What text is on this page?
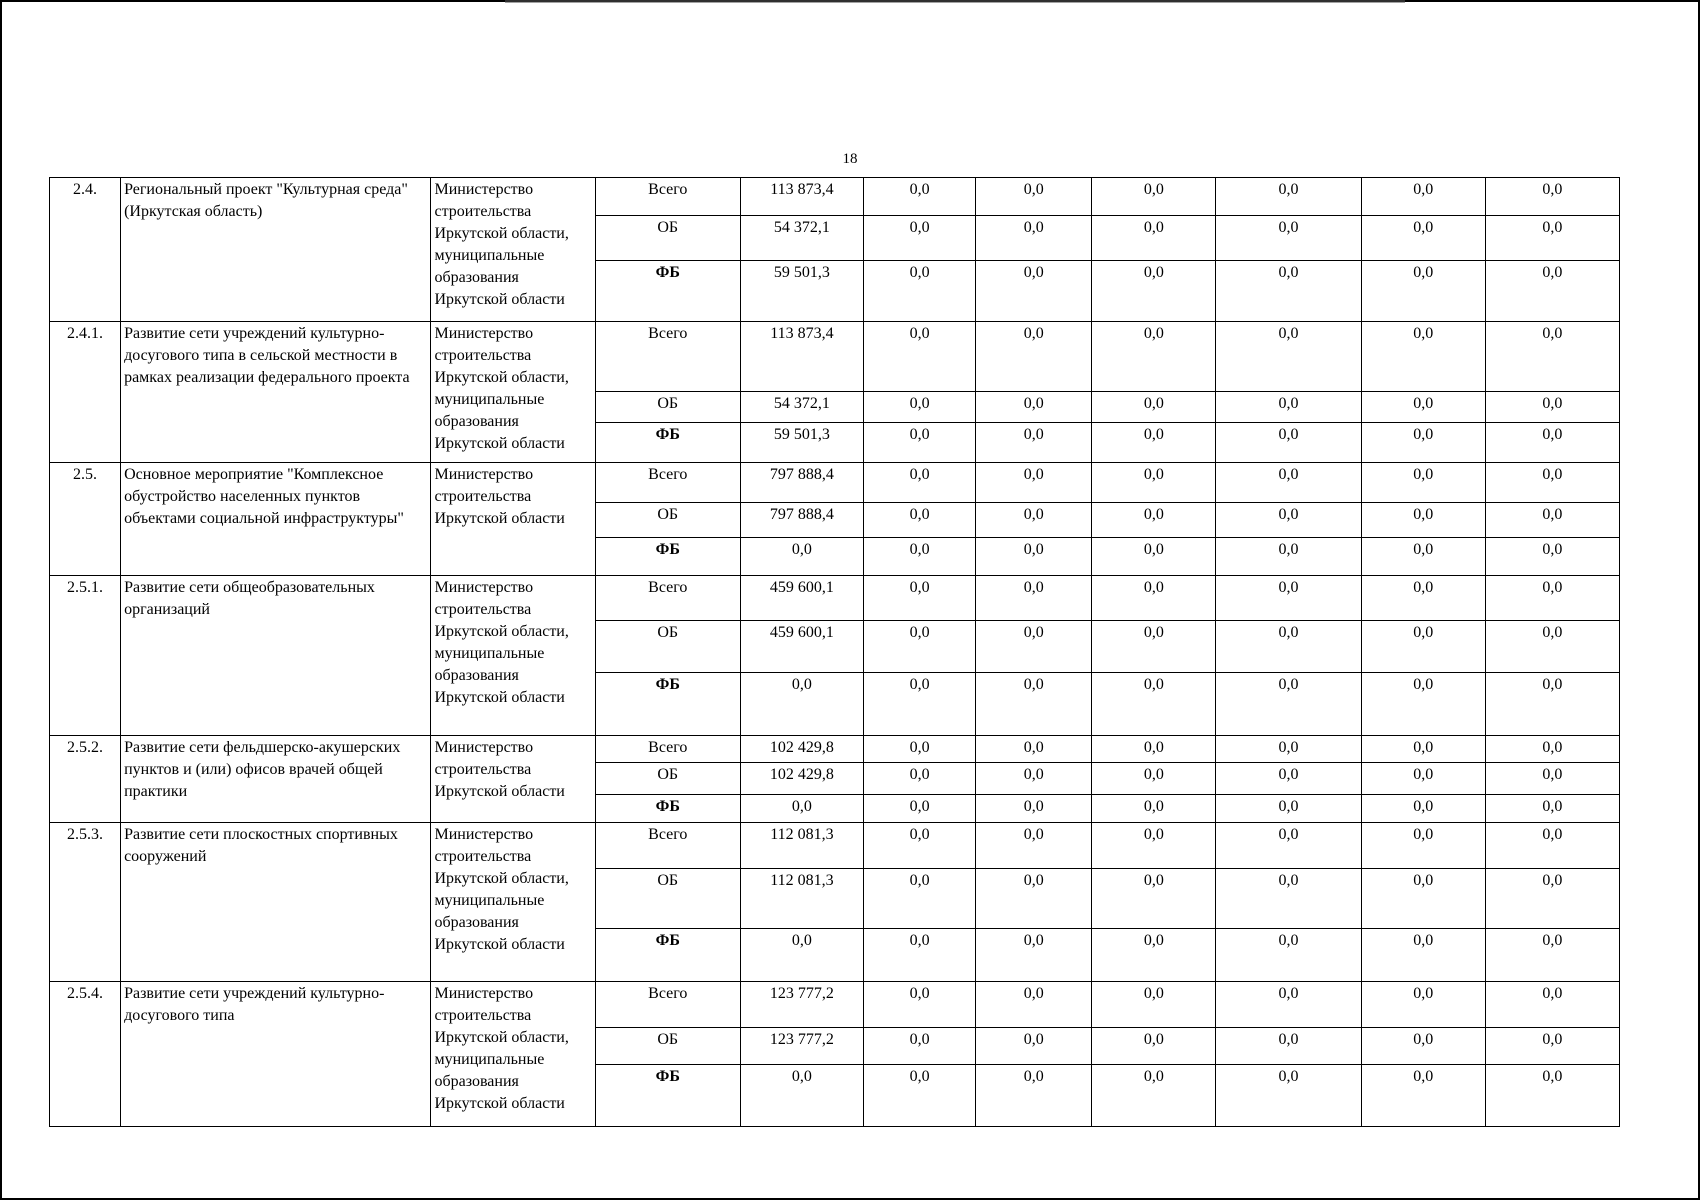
18
2.4.	Региональный проект "Культурная среда" (Иркутская область)	Министерство строительства Иркутской области, муниципальные образования Иркутской области	Всего	113 873,4	0,0	0,0	0,0	0,0	0,0	0,0
			ОБ	54 372,1	0,0	0,0	0,0	0,0	0,0	0,0
			ФБ	59 501,3	0,0	0,0	0,0	0,0	0,0	0,0
2.4.1.	Развитие сети учреждений культурно-досугового типа в сельской местности в рамках реализации федерального проекта	Министерство строительства Иркутской области, муниципальные образования Иркутской области	Всего	113 873,4	0,0	0,0	0,0	0,0	0,0	0,0
			ОБ	54 372,1	0,0	0,0	0,0	0,0	0,0	0,0
			ФБ	59 501,3	0,0	0,0	0,0	0,0	0,0	0,0
2.5.	Основное мероприятие "Комплексное обустройство населенных пунктов объектами социальной инфраструктуры"	Министерство строительства Иркутской области	Всего	797 888,4	0,0	0,0	0,0	0,0	0,0	0,0
			ОБ	797 888,4	0,0	0,0	0,0	0,0	0,0	0,0
			ФБ	0,0	0,0	0,0	0,0	0,0	0,0	0,0
2.5.1.	Развитие сети общеобразовательных организаций	Министерство строительства Иркутской области, муниципальные образования Иркутской области	Всего	459 600,1	0,0	0,0	0,0	0,0	0,0	0,0
			ОБ	459 600,1	0,0	0,0	0,0	0,0	0,0	0,0
			ФБ	0,0	0,0	0,0	0,0	0,0	0,0	0,0
2.5.2.	Развитие сети фельдшерско-акушерских пунктов и (или) офисов врачей общей практики	Министерство строительства Иркутской области	Всего	102 429,8	0,0	0,0	0,0	0,0	0,0	0,0
			ОБ	102 429,8	0,0	0,0	0,0	0,0	0,0	0,0
			ФБ	0,0	0,0	0,0	0,0	0,0	0,0	0,0
2.5.3.	Развитие сети плоскостных спортивных сооружений	Министерство строительства Иркутской области, муниципальные образования Иркутской области	Всего	112 081,3	0,0	0,0	0,0	0,0	0,0	0,0
			ОБ	112 081,3	0,0	0,0	0,0	0,0	0,0	0,0
			ФБ	0,0	0,0	0,0	0,0	0,0	0,0	0,0
2.5.4.	Развитие сети учреждений культурно-досугового типа	Министерство строительства Иркутской области, муниципальные образования Иркутской области	Всего	123 777,2	0,0	0,0	0,0	0,0	0,0	0,0
			ОБ	123 777,2	0,0	0,0	0,0	0,0	0,0	0,0
			ФБ	0,0	0,0	0,0	0,0	0,0	0,0	0,0
